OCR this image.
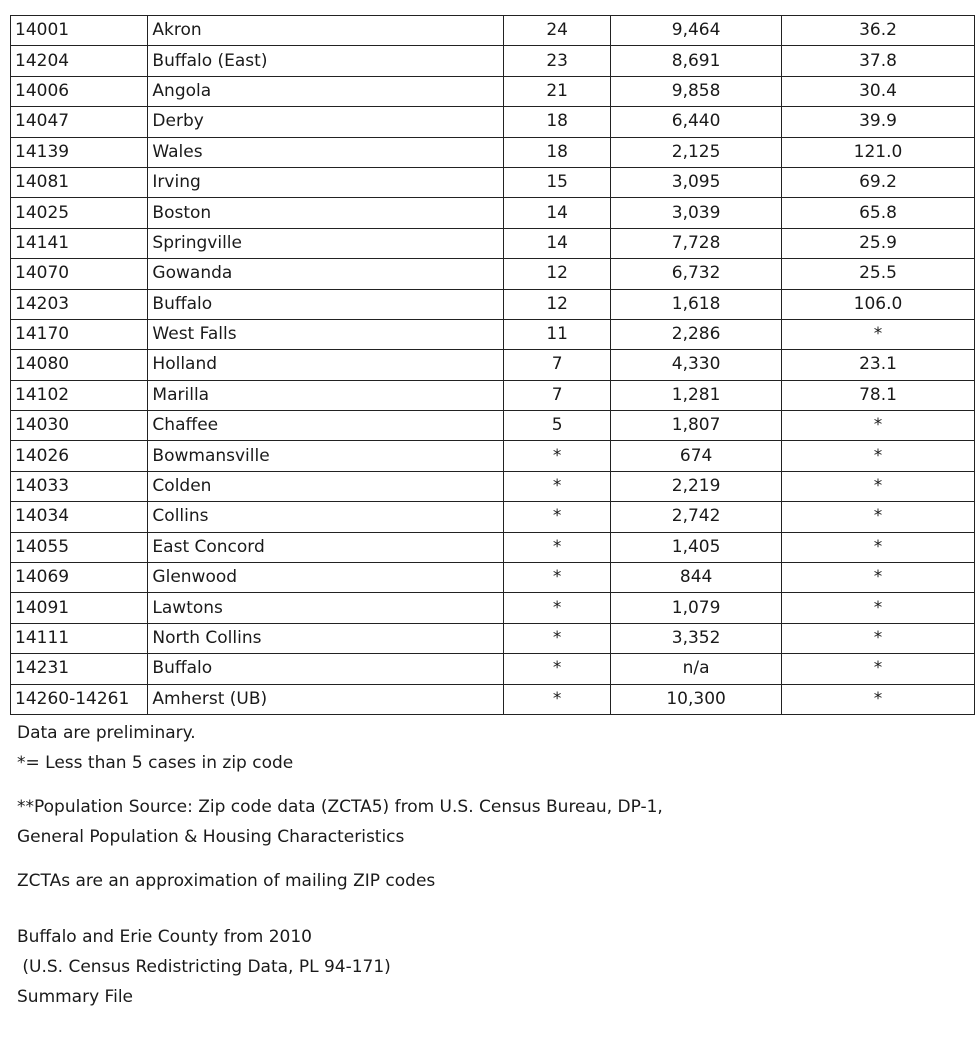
14001	Akron	24	9,464	36.2
14204	Buffalo (East)	23	8,691	37.8
14006	Angola	21	9,858	30.4
14047	Derby	18	6,440	39.9
14139	Wales	18	2,125	121.0
14081	Irving	15	3,095	69.2
14025	Boston	14	3,039	65.8
14141	Springville	14	7,728	25.9
14070	Gowanda	12	6,732	25.5
14203	Buffalo	12	1,618	106.0
14170	West Falls	11	2,286	*
14080	Holland	7	4,330	23.1
14102	Marilla	7	1,281	78.1
14030	Chaffee	5	1,807	*
14026	Bowmansville	*	674	*
14033	Colden	*	2,219	*
14034	Collins	*	2,742	*
14055	East Concord	*	1,405	*
14069	Glenwood	*	844	*
14091	Lawtons	*	1,079	*
14111	North Collins	*	3,352	*
14231	Buffalo	*	n/a	*
14260-14261	Amherst (UB)	*	10,300	*

Data are preliminary.

*= Less than 5 cases in zip code

**Population Source: Zip code data (ZCTA5) from U.S. Census Bureau, DP-1,

General Population & Housing Characteristics

ZCTAs are an approximation of mailing ZIP codes

Buffalo and Erie County from 2010

(U.S. Census Redistricting Data, PL 94-171)

Summary File
